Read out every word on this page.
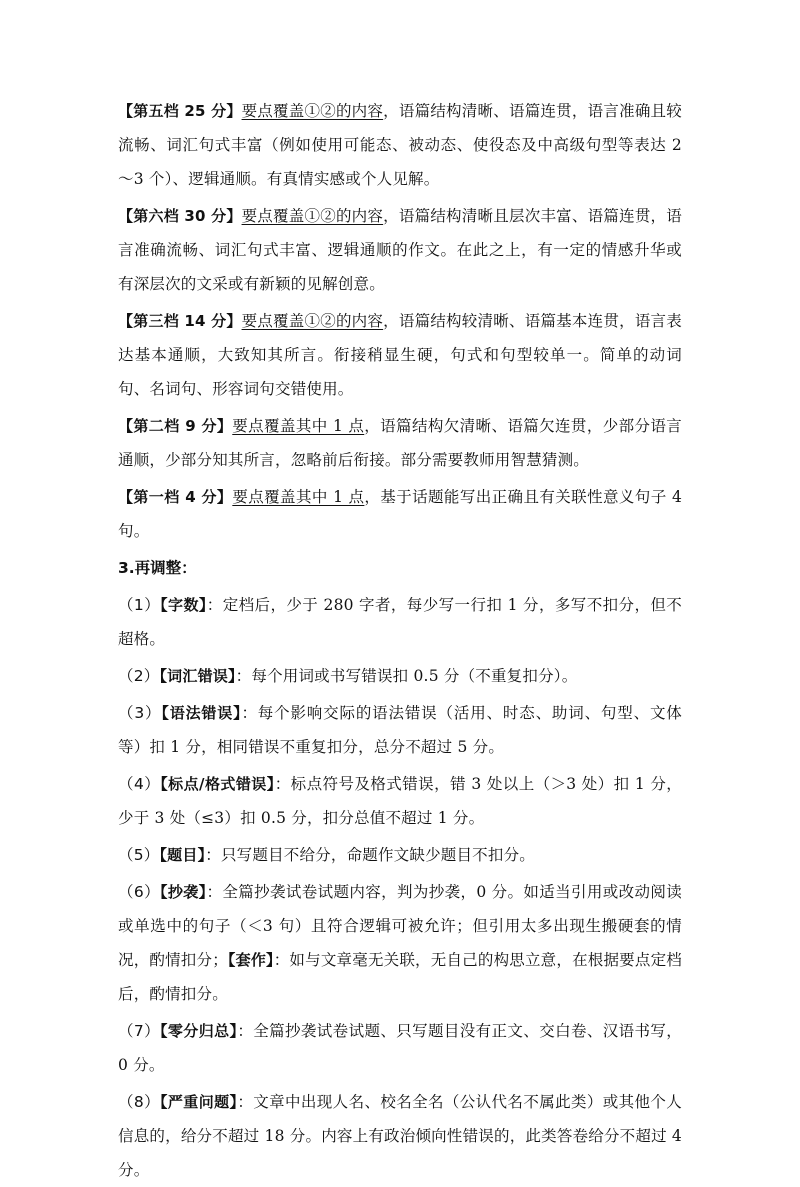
【第五档 25 分】要点覆盖①②的内容，语篇结构清晰、语篇连贯，语言准确且较流畅、词汇句式丰富（例如使用可能态、被动态、使役态及中高级句型等表达 2～3 个）、逻辑通顺。有真情实感或个人见解。

【第六档 30 分】要点覆盖①②的内容，语篇结构清晰且层次丰富、语篇连贯，语言准确流畅、词汇句式丰富、逻辑通顺的作文。在此之上，有一定的情感升华或有深层次的文采或有新颖的见解创意。

【第三档 14 分】要点覆盖①②的内容，语篇结构较清晰、语篇基本连贯，语言表达基本通顺，大致知其所言。衔接稍显生硬，句式和句型较单一。简单的动词句、名词句、形容词句交错使用。

【第二档 9 分】要点覆盖其中 1 点，语篇结构欠清晰、语篇欠连贯，少部分语言通顺，少部分知其所言，忽略前后衔接。部分需要教师用智慧猜测。

【第一档 4 分】要点覆盖其中 1 点，基于话题能写出正确且有关联性意义句子 4 句。

3.再调整：

（1）【字数】：定档后，少于 280 字者，每少写一行扣 1 分，多写不扣分，但不超格。

（2）【词汇错误】：每个用词或书写错误扣 0.5 分（不重复扣分）。

（3）【语法错误】：每个影响交际的语法错误（活用、时态、助词、句型、文体等）扣 1 分，相同错误不重复扣分，总分不超过 5 分。

（4）【标点/格式错误】：标点符号及格式错误，错 3 处以上（＞3 处）扣 1 分，少于 3 处（≤3）扣 0.5 分，扣分总值不超过 1 分。

（5）【题目】：只写题目不给分，命题作文缺少题目不扣分。

（6）【抄袭】：全篇抄袭试卷试题内容，判为抄袭，0 分。如适当引用或改动阅读或单选中的句子（＜3 句）且符合逻辑可被允许；但引用太多出现生搬硬套的情况，酌情扣分；【套作】：如与文章毫无关联，无自己的构思立意，在根据要点定档后，酌情扣分。

（7）【零分归总】：全篇抄袭试卷试题、只写题目没有正文、交白卷、汉语书写，0 分。

（8）【严重问题】：文章中出现人名、校名全名（公认代名不属此类）或其他个人信息的，给分不超过 18 分。内容上有政治倾向性错误的，此类答卷给分不超过 4 分。
